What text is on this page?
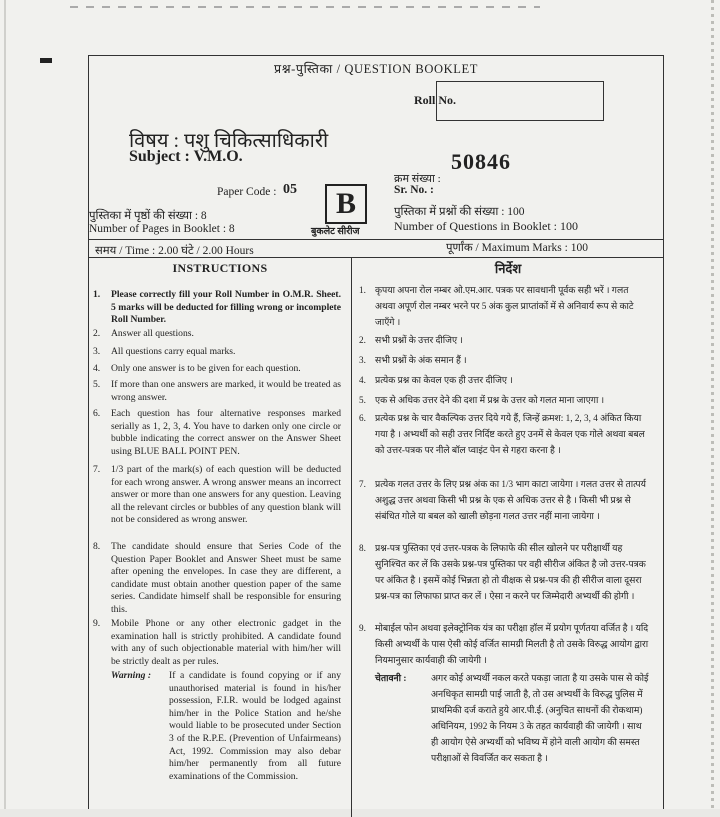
प्रश्न-पुस्तिका / QUESTION BOOKLET
Roll No.
विषय : पशु चिकित्साधिकारी
Subject : V.M.O.	50846
क्रम संख्या :
Sr. No. :
Paper Code : 05	B
बुकलेट सीरीज
पुस्तिका में पृष्ठों की संख्या : 8
Number of Pages in Booklet : 8
पुस्तिका में प्रश्नों की संख्या : 100
Number of Questions in Booklet : 100
समय / Time : 2.00 घंटे / 2.00 Hours	पूर्णांक / Maximum Marks : 100
INSTRUCTIONS	निर्देश
1. Please correctly fill your Roll Number in O.M.R. Sheet. 5 marks will be deducted for filling wrong or incomplete Roll Number.
2. Answer all questions.
3. All questions carry equal marks.
4. Only one answer is to be given for each question.
5. If more than one answers are marked, it would be treated as wrong answer.
6. Each question has four alternative responses marked serially as 1, 2, 3, 4. You have to darken only one circle or bubble indicating the correct answer on the Answer Sheet using BLUE BALL POINT PEN.
7. 1/3 part of the mark(s) of each question will be deducted for each wrong answer. A wrong answer means an incorrect answer or more than one answers for any question. Leaving all the relevant circles or bubbles of any question blank will not be considered as wrong answer.
8. The candidate should ensure that Series Code of the Question Paper Booklet and Answer Sheet must be same after opening the envelopes. In case they are different, a candidate must obtain another question paper of the same series. Candidate himself shall be responsible for ensuring this.
9. Mobile Phone or any other electronic gadget in the examination hall is strictly prohibited. A candidate found with any of such objectionable material with him/her will be strictly dealt as per rules.
Warning : If a candidate is found copying or if any unauthorised material is found in his/her possession, F.I.R. would be lodged against him/her in the Police Station and he/she would liable to be prosecuted under Section 3 of the R.P.E. (Prevention of Unfairmeans) Act, 1992. Commission may also debar him/her permanently from all future examinations of the Commission.
1. कृपया अपना रोल नम्बर ओ.एम.आर. पत्रक पर सावधानी पूर्वक सही भरें । गलत अथवा अपूर्ण रोल नम्बर भरने पर 5 अंक कुल प्राप्तांकों में से अनिवार्य रूप से काटे जाएँगे ।
2. सभी प्रश्नों के उत्तर दीजिए ।
3. सभी प्रश्नों के अंक समान हैं ।
4. प्रत्येक प्रश्न का केवल एक ही उत्तर दीजिए ।
5. एक से अधिक उत्तर देने की दशा में प्रश्न के उत्तर को गलत माना जाएगा ।
6. प्रत्येक प्रश्न के चार वैकल्पिक उत्तर दिये गये हैं, जिन्हें क्रमश: 1, 2, 3, 4 अंकित किया गया है । अभ्यर्थी को सही उत्तर निर्दिष्ट करते हुए उनमें से केवल एक गोले अथवा बबल को उत्तर-पत्रक पर नीले बॉल प्वाइंट पेन से गहरा करना है ।
7. प्रत्येक गलत उत्तर के लिए प्रश्न अंक का 1/3 भाग काटा जायेगा । गलत उत्तर से तात्पर्य अशुद्ध उत्तर अथवा किसी भी प्रश्न के एक से अधिक उत्तर से है । किसी भी प्रश्न से संबंधित गोले या बबल को खाली छोड़ना गलत उत्तर नहीं माना जायेगा ।
8. प्रश्न-पत्र पुस्तिका एवं उत्तर-पत्रक के लिफाफे की सील खोलने पर परीक्षार्थी यह सुनिश्चित कर लें कि उसके प्रश्न-पत्र पुस्तिका पर वही सीरीज अंकित है जो उत्तर-पत्रक पर अंकित है । इसमें कोई भिन्नता हो तो वीक्षक से प्रश्न-पत्र की ही सीरीज वाला दूसरा प्रश्न-पत्र का लिफाफा प्राप्त कर लें । ऐसा न करने पर जिम्मेदारी अभ्यर्थी की होगी ।
9. मोबाईल फोन अथवा इलेक्ट्रोनिक यंत्र का परीक्षा हॉल में प्रयोग पूर्णतया वर्जित है । यदि किसी अभ्यर्थी के पास ऐसी कोई वर्जित सामग्री मिलती है तो उसके विरुद्ध आयोग द्वारा नियमानुसार कार्यवाही की जायेगी ।
चेतावनी :	अगर कोई अभ्यर्थी नकल करते पकड़ा जाता है या उसके पास से कोई अनधिकृत सामग्री पाई जाती है, तो उस अभ्यर्थी के विरुद्ध पुलिस में प्राथमिकी दर्ज कराते हुये आर.पी.ई. (अनुचित साधनों की रोकथाम) अधिनियम, 1992 के नियम 3 के तहत कार्यवाही की जायेगी । साथ ही आयोग ऐसे अभ्यर्थी को भविष्य में होने वाली आयोग की समस्त परीक्षाओं से विवर्जित कर सकता है ।
